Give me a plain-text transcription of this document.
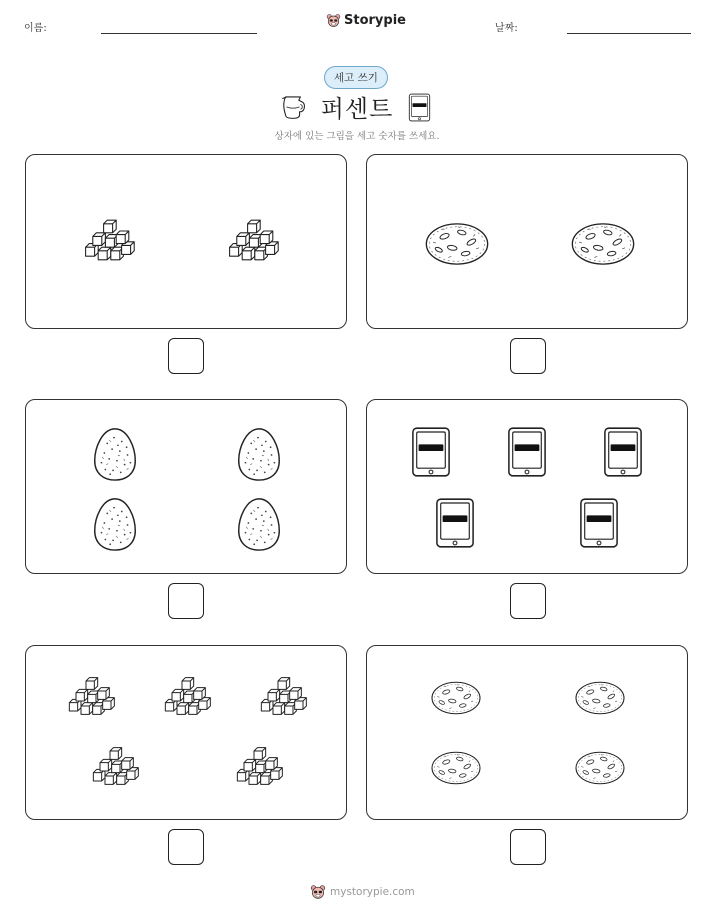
이름:
Storypie
날짜:
세고 쓰기
퍼센트
상자에 있는 그림을 세고 숫자를 쓰세요.
mystorypie.com
